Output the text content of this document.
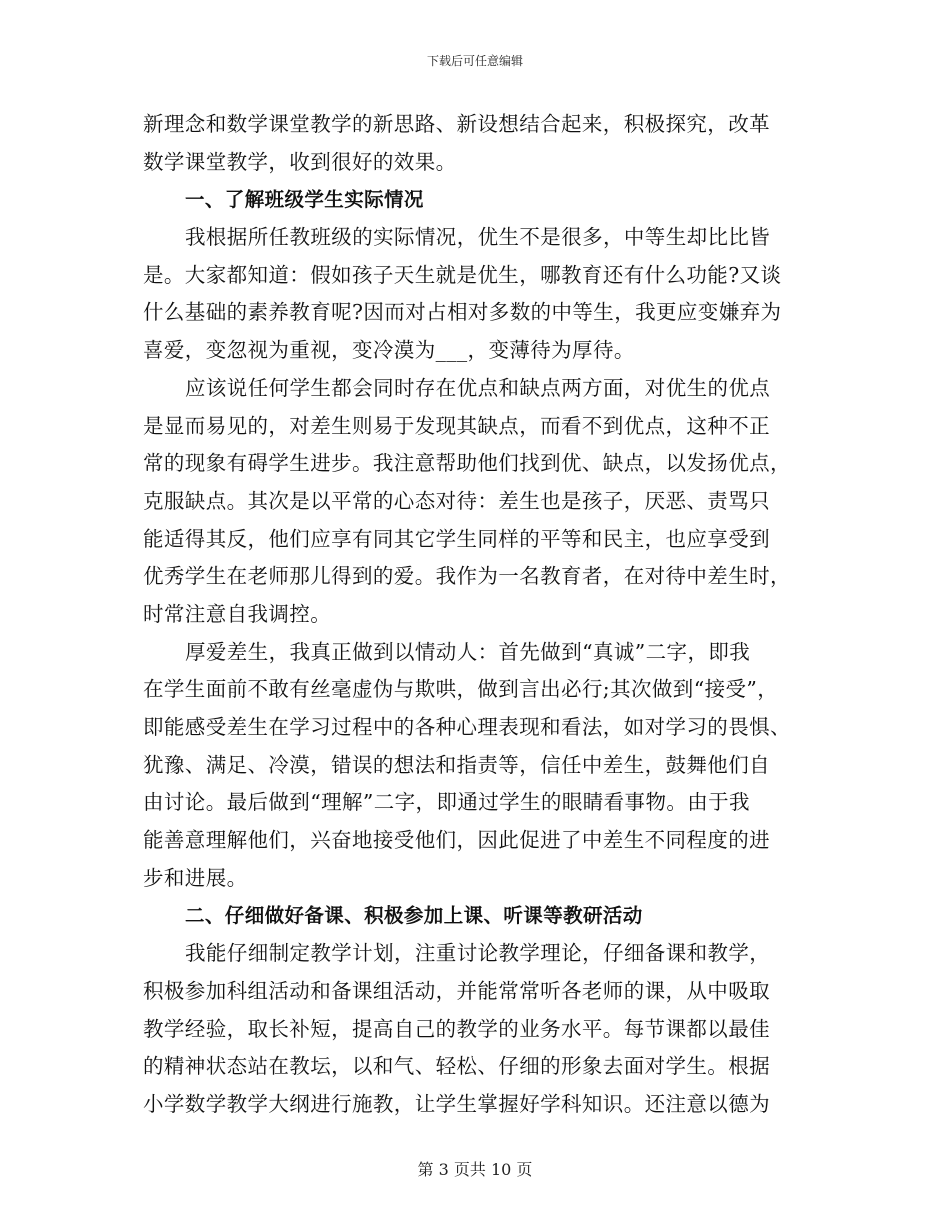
下载后可任意编辑
新理念和数学课堂教学的新思路、新设想结合起来，积极探究，改革
数学课堂教学，收到很好的效果。
一、了解班级学生实际情况
我根据所任教班级的实际情况，优生不是很多，中等生却比比皆
是。大家都知道：假如孩子天生就是优生，哪教育还有什么功能?又谈
什么基础的素养教育呢?因而对占相对多数的中等生，我更应变嫌弃为
喜爱，变忽视为重视，变冷漠为___，变薄待为厚待。
应该说任何学生都会同时存在优点和缺点两方面，对优生的优点
是显而易见的，对差生则易于发现其缺点，而看不到优点，这种不正
常的现象有碍学生进步。我注意帮助他们找到优、缺点，以发扬优点，
克服缺点。其次是以平常的心态对待：差生也是孩子，厌恶、责骂只
能适得其反，他们应享有同其它学生同样的平等和民主，也应享受到
优秀学生在老师那儿得到的爱。我作为一名教育者，在对待中差生时，
时常注意自我调控。
厚爱差生，我真正做到以情动人：首先做到“真诚”二字，即我
在学生面前不敢有丝毫虚伪与欺哄，做到言出必行;其次做到“接受”，
即能感受差生在学习过程中的各种心理表现和看法，如对学习的畏惧、
犹豫、满足、冷漠，错误的想法和指责等，信任中差生，鼓舞他们自
由讨论。最后做到“理解”二字，即通过学生的眼睛看事物。由于我
能善意理解他们，兴奋地接受他们，因此促进了中差生不同程度的进
步和进展。
二、仔细做好备课、积极参加上课、听课等教研活动
我能仔细制定教学计划，注重讨论教学理论，仔细备课和教学，
积极参加科组活动和备课组活动，并能常常听各老师的课，从中吸取
教学经验，取长补短，提高自己的教学的业务水平。每节课都以最佳
的精神状态站在教坛，以和气、轻松、仔细的形象去面对学生。根据
小学数学教学大纲进行施教，让学生掌握好学科知识。还注意以德为
第 3 页共 10 页
